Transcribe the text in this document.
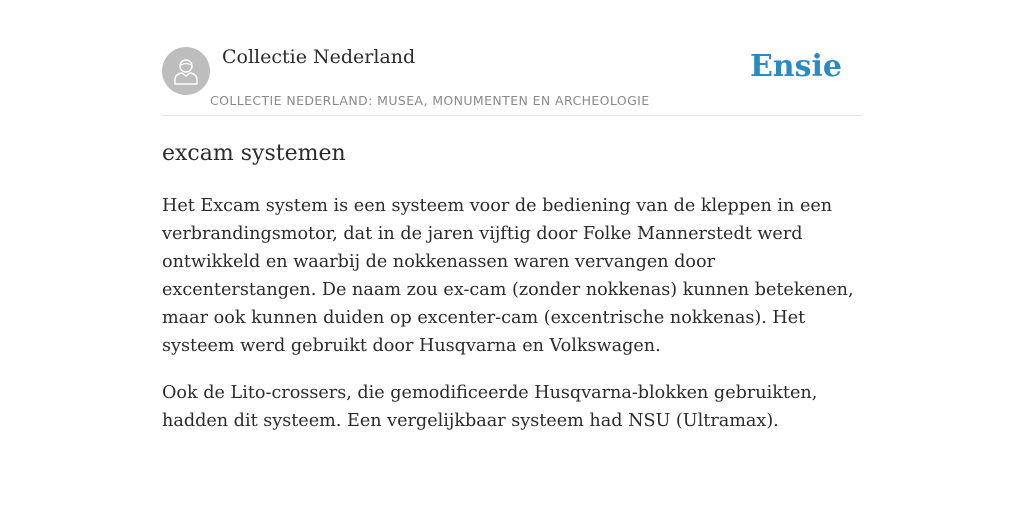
Collectie Nederland
COLLECTIE NEDERLAND: MUSEA, MONUMENTEN EN ARCHEOLOGIE
Ensie
excam systemen

Het Excam system is een systeem voor de bediening van de kleppen in een verbrandingsmotor, dat in de jaren vijftig door Folke Mannerstedt werd ontwikkeld en waarbij de nokkenassen waren vervangen door excenterstangen. De naam zou ex-cam (zonder nokkenas) kunnen betekenen, maar ook kunnen duiden op excenter-cam (excentrische nokkenas). Het systeem werd gebruikt door Husqvarna en Volkswagen.

Ook de Lito-crossers, die gemodificeerde Husqvarna-blokken gebruikten, hadden dit systeem. Een vergelijkbaar systeem had NSU (Ultramax).
